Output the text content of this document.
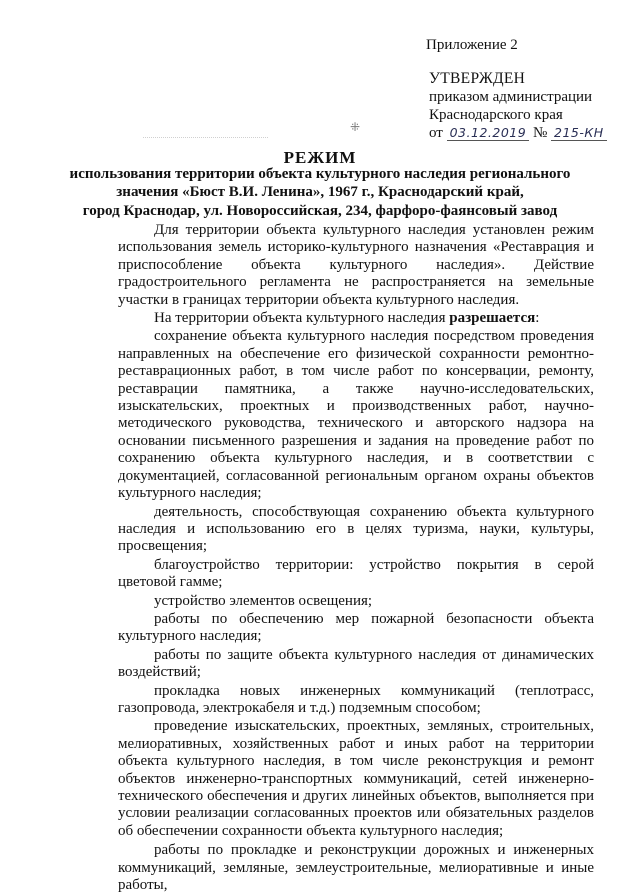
Приложение 2
УТВЕРЖДЕН
приказом администрации
Краснодарского края
от 03.12.2019 № 215-КН
⁜
РЕЖИМ
использования территории объекта культурного наследия регионального
значения «Бюст В.И. Ленина», 1967 г., Краснодарский край,
город Краснодар, ул. Новороссийская, 234, фарфоро-фаянсовый завод

Для территории объекта культурного наследия установлен режим использования земель историко-культурного назначения «Реставрация и приспособление объекта культурного наследия». Действие градостроительного регламента не распространяется на земельные участки в границах территории объекта культурного наследия.

На территории объекта культурного наследия разрешается:

сохранение объекта культурного наследия посредством проведения направленных на обеспечение его физической сохранности ремонтно-реставрационных работ, в том числе работ по консервации, ремонту, реставрации памятника, а также научно-исследовательских, изыскательских, проектных и производственных работ, научно-методического руководства, технического и авторского надзора на основании письменного разрешения и задания на проведение работ по сохранению объекта культурного наследия, и в соответствии с документацией, согласованной региональным органом охраны объектов культурного наследия;

деятельность, способствующая сохранению объекта культурного наследия и использованию его в целях туризма, науки, культуры, просвещения;

благоустройство территории: устройство покрытия в серой цветовой гамме;

устройство элементов освещения;

работы по обеспечению мер пожарной безопасности объекта культурного наследия;

работы по защите объекта культурного наследия от динамических воздействий;

прокладка новых инженерных коммуникаций (теплотрасс, газопровода, электрокабеля и т.д.) подземным способом;

проведение изыскательских, проектных, земляных, строительных, мелиоративных, хозяйственных работ и иных работ на территории объекта культурного наследия, в том числе реконструкция и ремонт объектов инженерно-транспортных коммуникаций, сетей инженерно-технического обеспечения и других линейных объектов, выполняется при условии реализации согласованных проектов или обязательных разделов об обеспечении сохранности объекта культурного наследия;

работы по прокладке и реконструкции дорожных и инженерных коммуникаций, земляные, землеустроительные, мелиоративные и иные работы,
